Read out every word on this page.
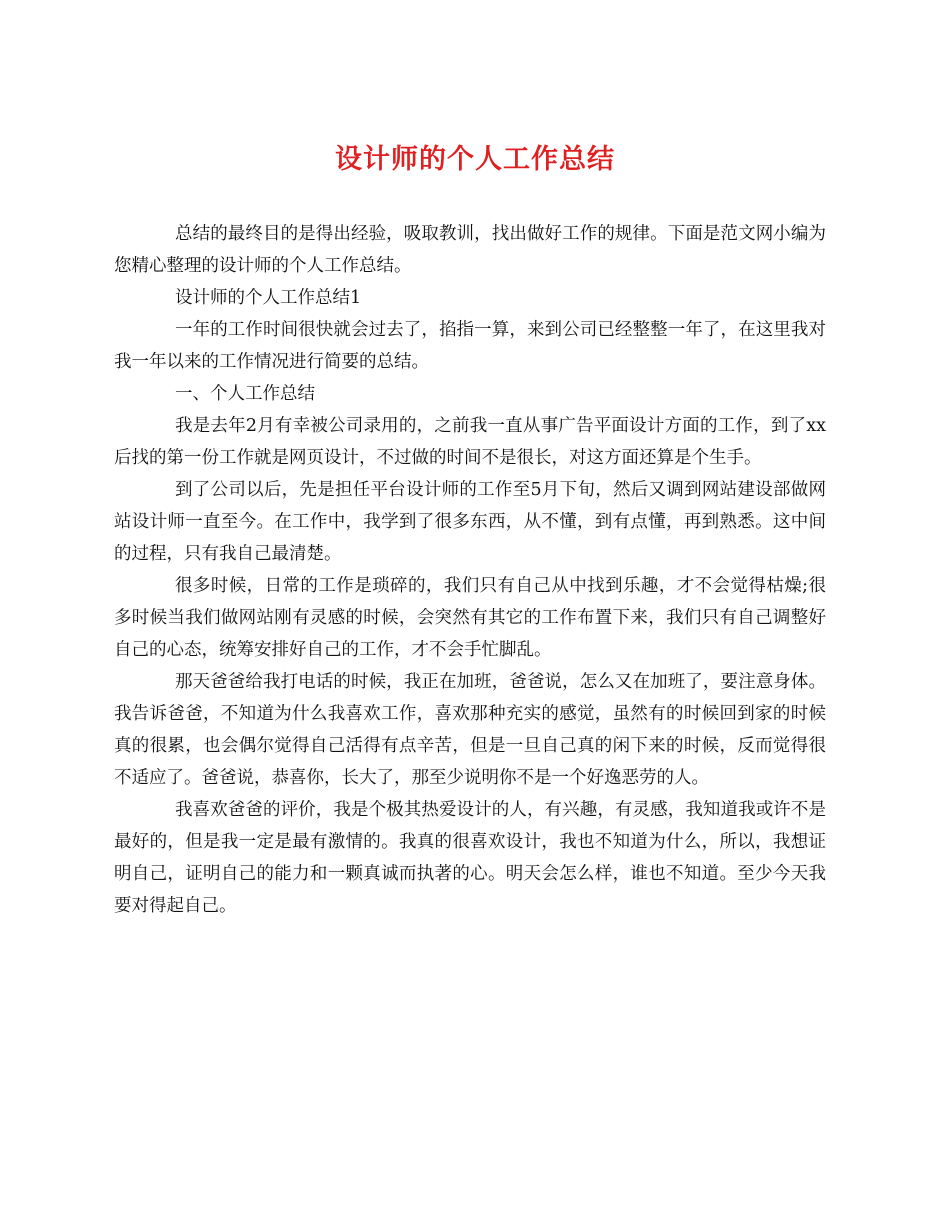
设计师的个人工作总结

总结的最终目的是得出经验，吸取教训，找出做好工作的规律。下面是范文网小编为您精心整理的设计师的个人工作总结。

设计师的个人工作总结1

一年的工作时间很快就会过去了，掐指一算，来到公司已经整整一年了，在这里我对我一年以来的工作情况进行简要的总结。

一、个人工作总结

我是去年2月有幸被公司录用的，之前我一直从事广告平面设计方面的工作，到了xx后找的第一份工作就是网页设计，不过做的时间不是很长，对这方面还算是个生手。

到了公司以后，先是担任平台设计师的工作至5月下旬，然后又调到网站建设部做网站设计师一直至今。在工作中，我学到了很多东西，从不懂，到有点懂，再到熟悉。这中间的过程，只有我自己最清楚。

很多时候，日常的工作是琐碎的，我们只有自己从中找到乐趣，才不会觉得枯燥;很多时候当我们做网站刚有灵感的时候，会突然有其它的工作布置下来，我们只有自己调整好自己的心态，统筹安排好自己的工作，才不会手忙脚乱。

那天爸爸给我打电话的时候，我正在加班，爸爸说，怎么又在加班了，要注意身体。我告诉爸爸，不知道为什么我喜欢工作，喜欢那种充实的感觉，虽然有的时候回到家的时候真的很累，也会偶尔觉得自己活得有点辛苦，但是一旦自己真的闲下来的时候，反而觉得很不适应了。爸爸说，恭喜你，长大了，那至少说明你不是一个好逸恶劳的人。

我喜欢爸爸的评价，我是个极其热爱设计的人，有兴趣，有灵感，我知道我或许不是最好的，但是我一定是最有激情的。我真的很喜欢设计，我也不知道为什么，所以，我想证明自己，证明自己的能力和一颗真诚而执著的心。明天会怎么样，谁也不知道。至少今天我要对得起自己。
